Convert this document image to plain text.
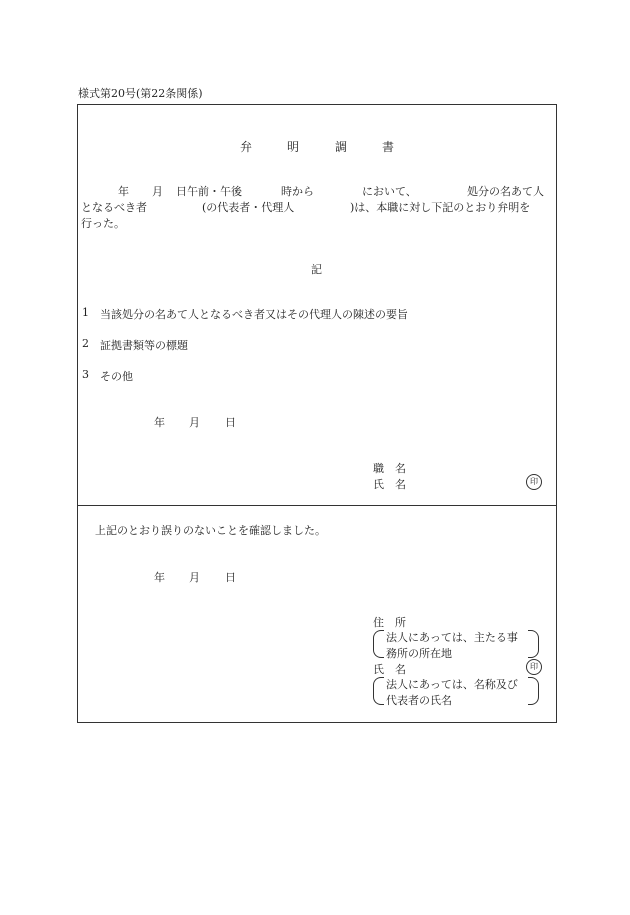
様式第20号(第22条関係)
弁	明	調	書
年 月 日午前・午後	時から	において、	処分の名あて人
となるべき者	(の代表者・代理人	)は、本職に対し下記のとおり弁明を
行った。
記
1 当該処分の名あて人となるべき者又はその代理人の陳述の要旨
2 証拠書類等の標題
3 その他
年 月 日
職　名
氏　名	印
上記のとおり誤りのないことを確認しました。
年 月 日
住　所
法人にあっては、主たる事
務所の所在地
氏　名	印
法人にあっては、名称及び
代表者の氏名
